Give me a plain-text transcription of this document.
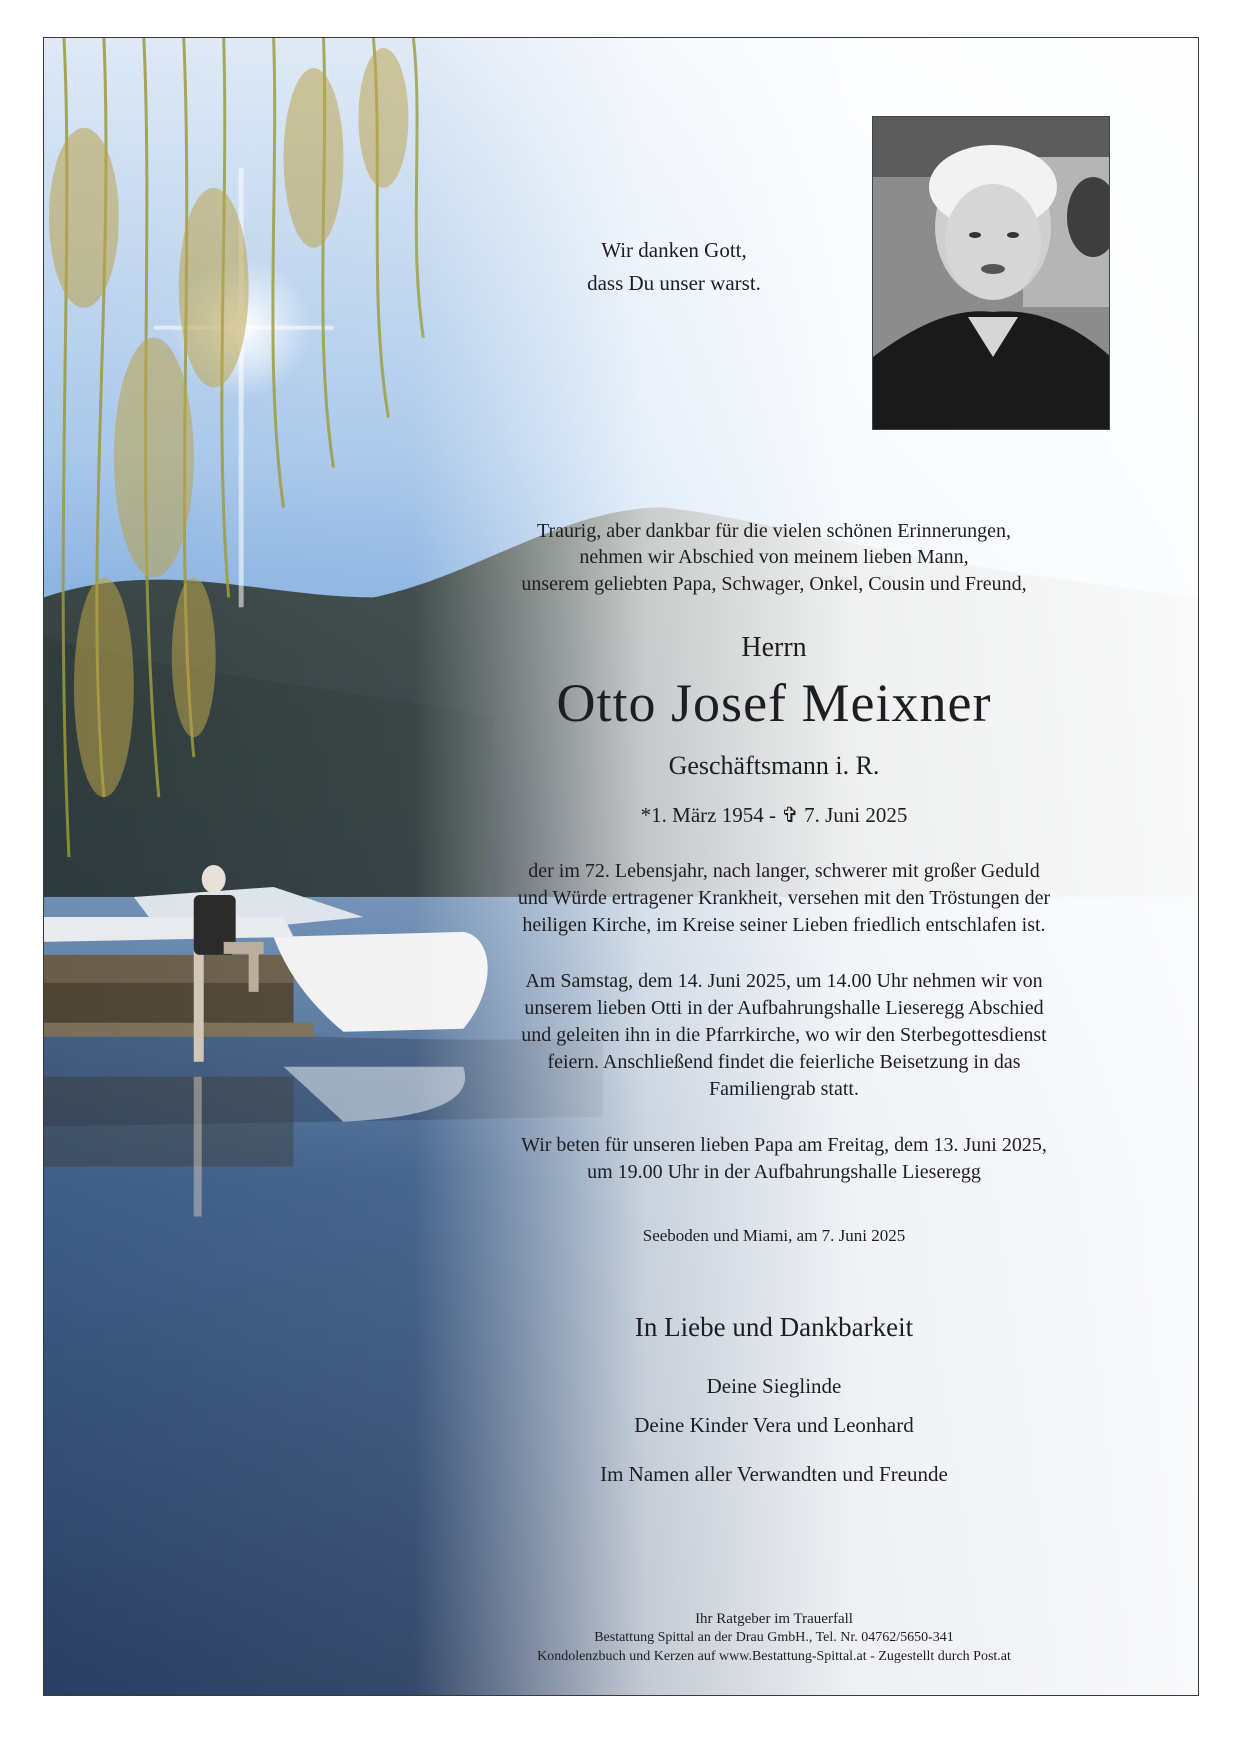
Wir danken Gott,

dass Du unser warst.

Traurig, aber dankbar für die vielen schönen Erinnerungen,

nehmen wir Abschied von meinem lieben Mann,

unserem geliebten Papa, Schwager, Onkel, Cousin und Freund,

Herrn

Otto Josef Meixner

Geschäftsmann i. R.

*1. März 1954 - ✞ 7. Juni 2025

der im 72. Lebensjahr, nach langer, schwerer mit großer Geduld

und Würde ertragener Krankheit, versehen mit den Tröstungen der

heiligen Kirche, im Kreise seiner Lieben friedlich entschlafen ist.

Am Samstag, dem 14. Juni 2025, um 14.00 Uhr nehmen wir von

unserem lieben Otti in der Aufbahrungshalle Lieseregg Abschied

und geleiten ihn in die Pfarrkirche, wo wir den Sterbegottesdienst

feiern. Anschließend findet die feierliche Beisetzung in das

Familiengrab statt.

Wir beten für unseren lieben Papa am Freitag, dem 13. Juni 2025,

um 19.00 Uhr in der Aufbahrungshalle Lieseregg

Seeboden und Miami, am 7. Juni 2025

In Liebe und Dankbarkeit

Deine Sieglinde

Deine Kinder Vera und Leonhard

Im Namen aller Verwandten und Freunde

Ihr Ratgeber im Trauerfall

Bestattung Spittal an der Drau GmbH., Tel. Nr. 04762/5650-341

Kondolenzbuch und Kerzen auf www.Bestattung-Spittal.at - Zugestellt durch Post.at
